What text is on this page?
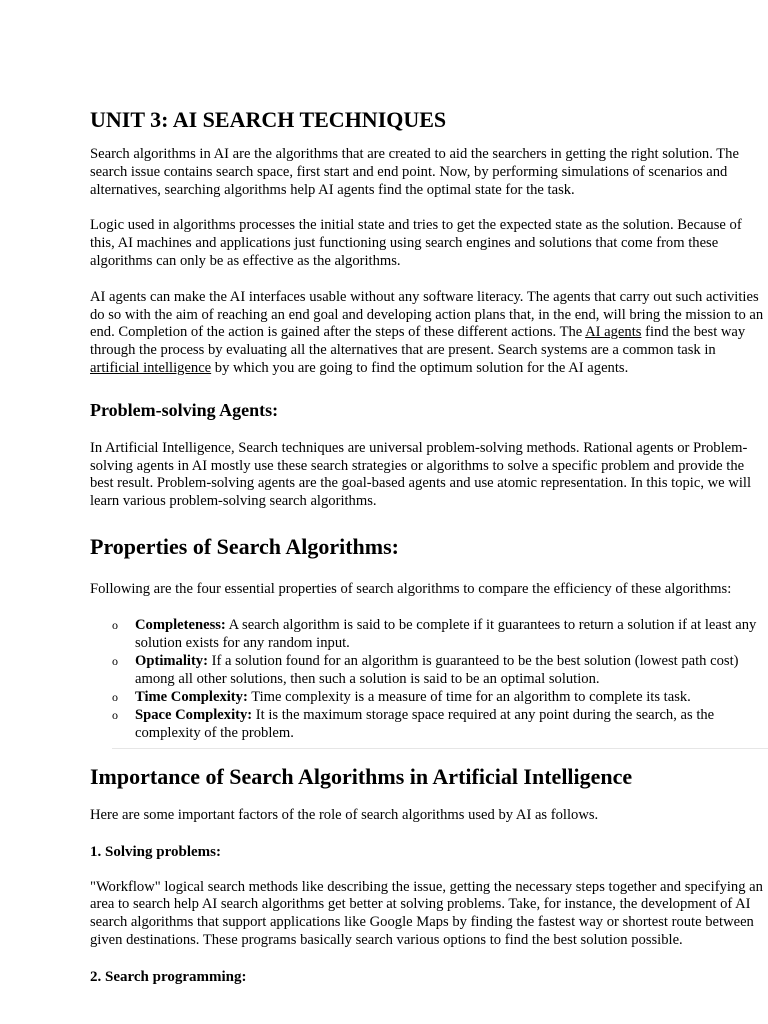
UNIT 3: AI SEARCH TECHNIQUES

Search algorithms in AI are the algorithms that are created to aid the searchers in getting the right solution. The search issue contains search space, first start and end point. Now, by performing simulations of scenarios and alternatives, searching algorithms help AI agents find the optimal state for the task.

Logic used in algorithms processes the initial state and tries to get the expected state as the solution. Because of this, AI machines and applications just functioning using search engines and solutions that come from these algorithms can only be as effective as the algorithms.

AI agents can make the AI interfaces usable without any software literacy. The agents that carry out such activities do so with the aim of reaching an end goal and developing action plans that, in the end, will bring the mission to an end. Completion of the action is gained after the steps of these different actions. The AI agents find the best way through the process by evaluating all the alternatives that are present. Search systems are a common task in artificial intelligence by which you are going to find the optimum solution for the AI agents.

Problem-solving Agents:

In Artificial Intelligence, Search techniques are universal problem-solving methods. Rational agents or Problem-solving agents in AI mostly use these search strategies or algorithms to solve a specific problem and provide the best result. Problem-solving agents are the goal-based agents and use atomic representation. In this topic, we will learn various problem-solving search algorithms.

Properties of Search Algorithms:

Following are the four essential properties of search algorithms to compare the efficiency of these algorithms:

o Completeness: A search algorithm is said to be complete if it guarantees to return a solution if at least any solution exists for any random input.
o Optimality: If a solution found for an algorithm is guaranteed to be the best solution (lowest path cost) among all other solutions, then such a solution is said to be an optimal solution.
o Time Complexity: Time complexity is a measure of time for an algorithm to complete its task.
o Space Complexity: It is the maximum storage space required at any point during the search, as the complexity of the problem.
Importance of Search Algorithms in Artificial Intelligence

Here are some important factors of the role of search algorithms used by AI as follows.

1. Solving problems:

"Workflow" logical search methods like describing the issue, getting the necessary steps together and specifying an area to search help AI search algorithms get better at solving problems. Take, for instance, the development of AI search algorithms that support applications like Google Maps by finding the fastest way or shortest route between given destinations. These programs basically search various options to find the best solution possible.

2. Search programming:
